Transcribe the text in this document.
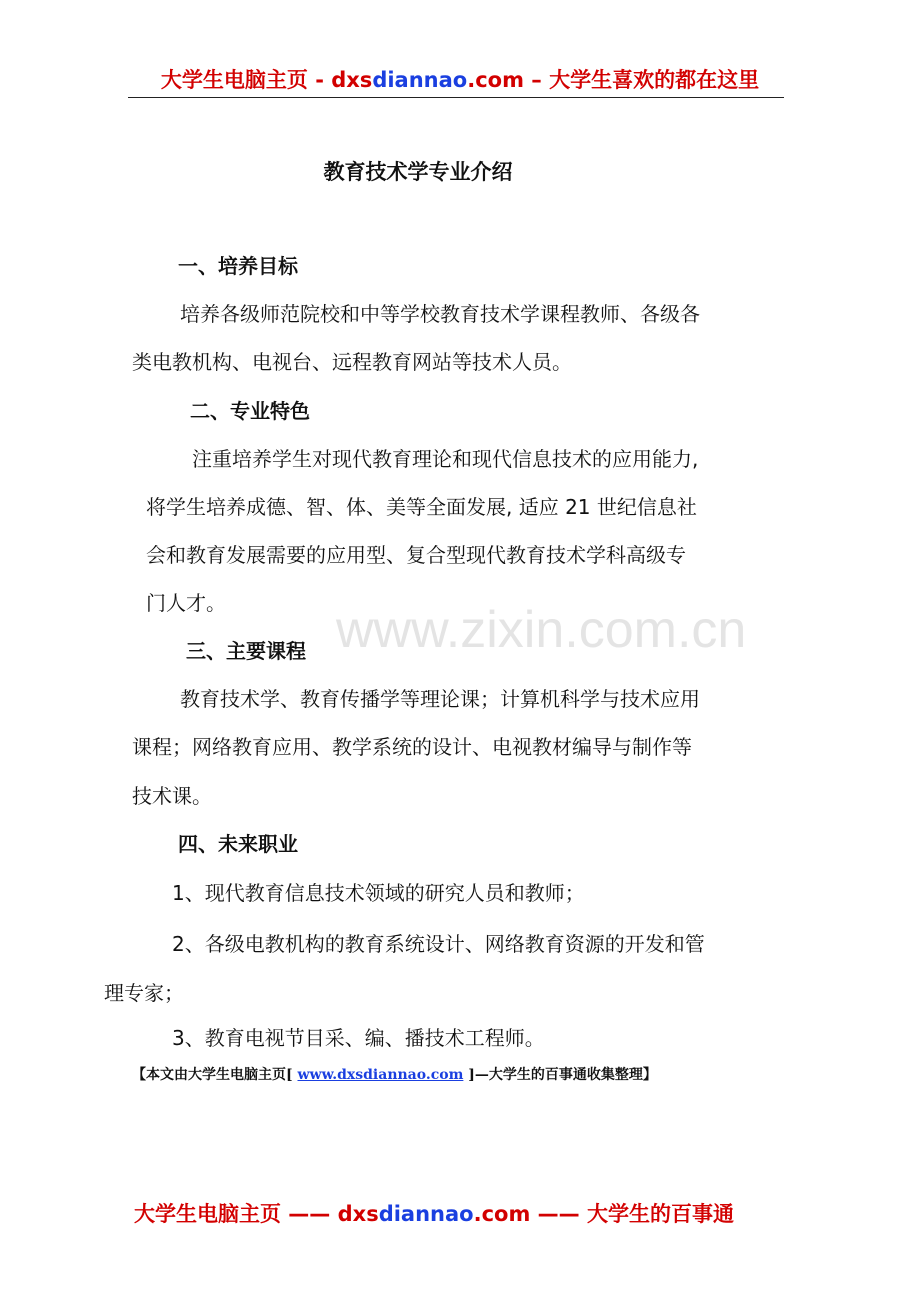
大学生电脑主页 - dxsdiannao.com – 大学生喜欢的都在这里
www.zixin.com.cn
教育技术学专业介绍
一、培养目标
培养各级师范院校和中等学校教育技术学课程教师、各级各
类电教机构、电视台、远程教育网站等技术人员。
二、专业特色
注重培养学生对现代教育理论和现代信息技术的应用能力,
将学生培养成德、智、体、美等全面发展, 适应 21 世纪信息社
会和教育发展需要的应用型、复合型现代教育技术学科高级专
门人才。
三、主要课程
教育技术学、教育传播学等理论课；计算机科学与技术应用
课程；网络教育应用、教学系统的设计、电视教材编导与制作等
技术课。
四、未来职业
1、现代教育信息技术领域的研究人员和教师；
2、各级电教机构的教育系统设计、网络教育资源的开发和管
理专家；
3、教育电视节目采、编、播技术工程师。
【本文由大学生电脑主页[ www.dxsdiannao.com ]—大学生的百事通收集整理】
大学生电脑主页 —— dxsdiannao.com —— 大学生的百事通
